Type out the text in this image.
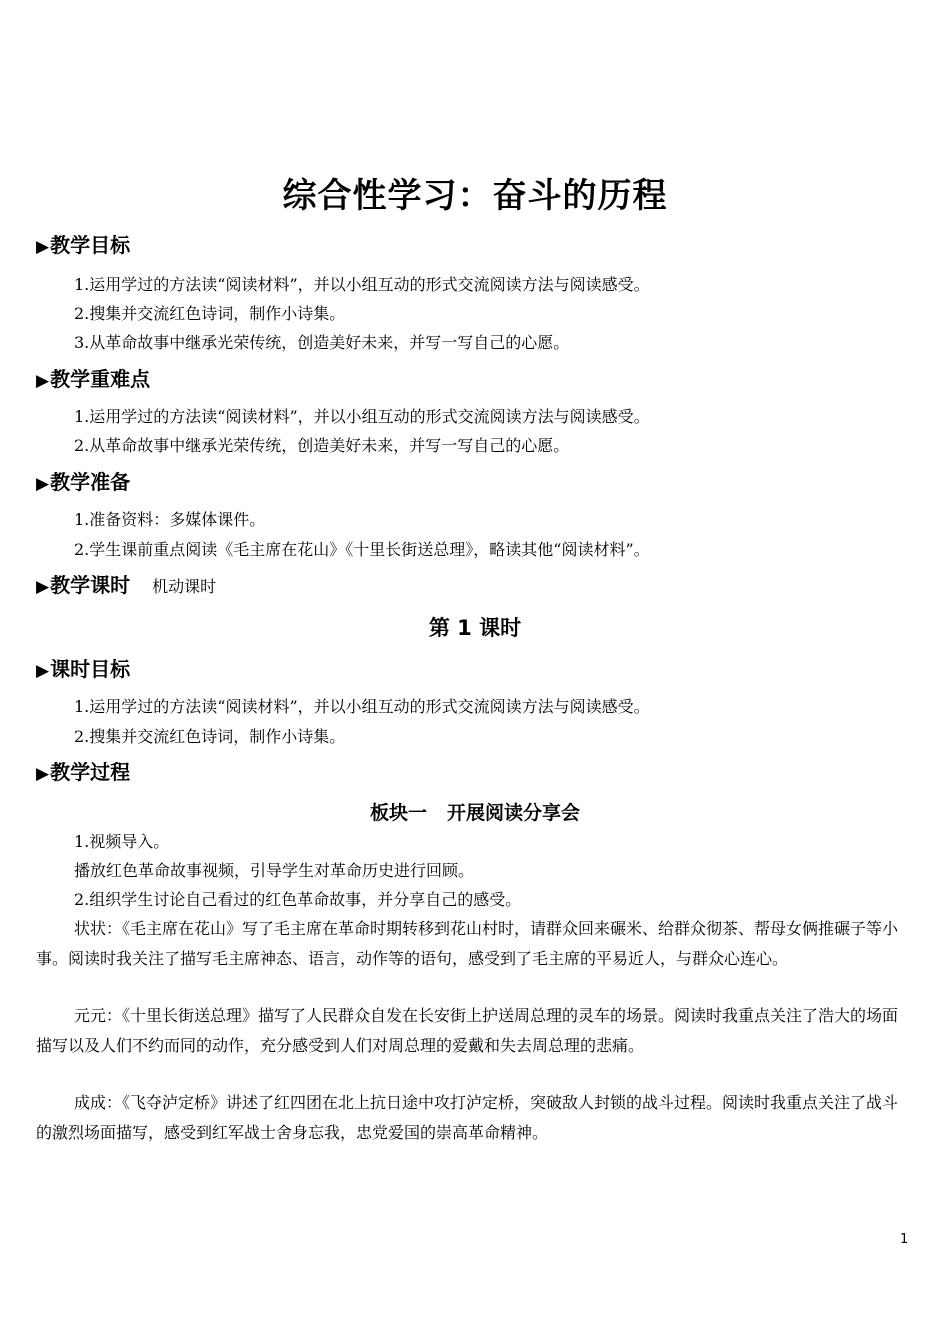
综合性学习：奋斗的历程
▶教学目标
1.运用学过的方法读“阅读材料”，并以小组互动的形式交流阅读方法与阅读感受。
2.搜集并交流红色诗词，制作小诗集。
3.从革命故事中继承光荣传统，创造美好未来，并写一写自己的心愿。
▶教学重难点
1.运用学过的方法读“阅读材料”，并以小组互动的形式交流阅读方法与阅读感受。
2.从革命故事中继承光荣传统，创造美好未来，并写一写自己的心愿。
▶教学准备
1.准备资料：多媒体课件。
2.学生课前重点阅读《毛主席在花山》《十里长街送总理》，略读其他“阅读材料”。
▶教学课时 机动课时
第 1 课时
▶课时目标
1.运用学过的方法读“阅读材料”，并以小组互动的形式交流阅读方法与阅读感受。
2.搜集并交流红色诗词，制作小诗集。
▶教学过程
板块一 开展阅读分享会

1.视频导入。

播放红色革命故事视频，引导学生对革命历史进行回顾。

2.组织学生讨论自己看过的红色革命故事，并分享自己的感受。

状状：《毛主席在花山》写了毛主席在革命时期转移到花山村时，请群众回来碾米、给群众彻茶、帮母女俩推碾子等小事。阅读时我关注了描写毛主席神态、语言，动作等的语句，感受到了毛主席的平易近人，与群众心连心。

元元：《十里长街送总理》描写了人民群众自发在长安街上护送周总理的灵车的场景。阅读时我重点关注了浩大的场面描写以及人们不约而同的动作，充分感受到人们对周总理的爱戴和失去周总理的悲痛。

成成：《飞夺泸定桥》讲述了红四团在北上抗日途中攻打泸定桥，突破敌人封锁的战斗过程。阅读时我重点关注了战斗的激烈场面描写，感受到红军战士舍身忘我，忠党爱国的崇高革命精神。

1
